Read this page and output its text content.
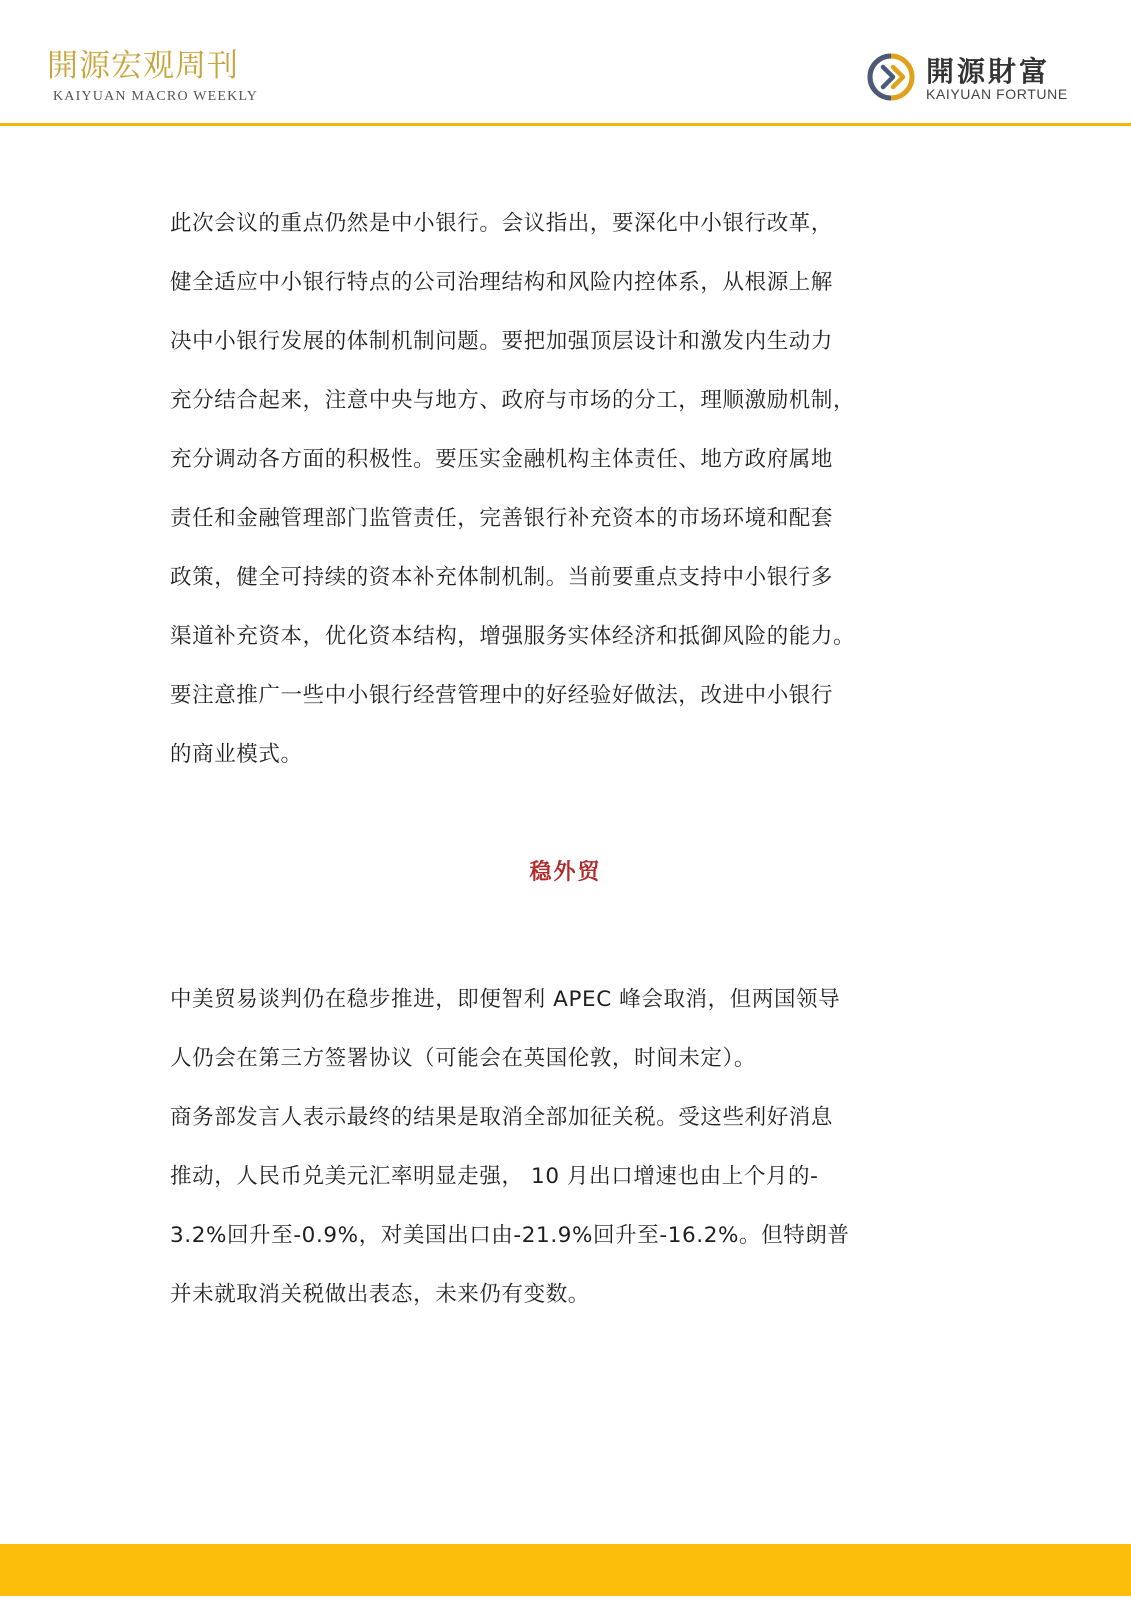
開源宏观周刊
KAIYUAN MACRO WEEKLY
開源財富
KAIYUAN FORTUNE
此次会议的重点仍然是中小银行。会议指出，要深化中小银行改革，
健全适应中小银行特点的公司治理结构和风险内控体系，从根源上解
决中小银行发展的体制机制问题。要把加强顶层设计和激发内生动力
充分结合起来，注意中央与地方、政府与市场的分工，理顺激励机制，
充分调动各方面的积极性。要压实金融机构主体责任、地方政府属地
责任和金融管理部门监管责任，完善银行补充资本的市场环境和配套
政策，健全可持续的资本补充体制机制。当前要重点支持中小银行多
渠道补充资本，优化资本结构，增强服务实体经济和抵御风险的能力。
要注意推广一些中小银行经营管理中的好经验好做法，改进中小银行
的商业模式。
稳外贸
中美贸易谈判仍在稳步推进，即便智利 APEC 峰会取消，但两国领导
人仍会在第三方签署协议（可能会在英国伦敦，时间未定）。
商务部发言人表示最终的结果是取消全部加征关税。受这些利好消息
推动，人民币兑美元汇率明显走强， 10 月出口增速也由上个月的-
3.2%回升至-0.9%，对美国出口由-21.9%回升至-16.2%。但特朗普
并未就取消关税做出表态，未来仍有变数。
